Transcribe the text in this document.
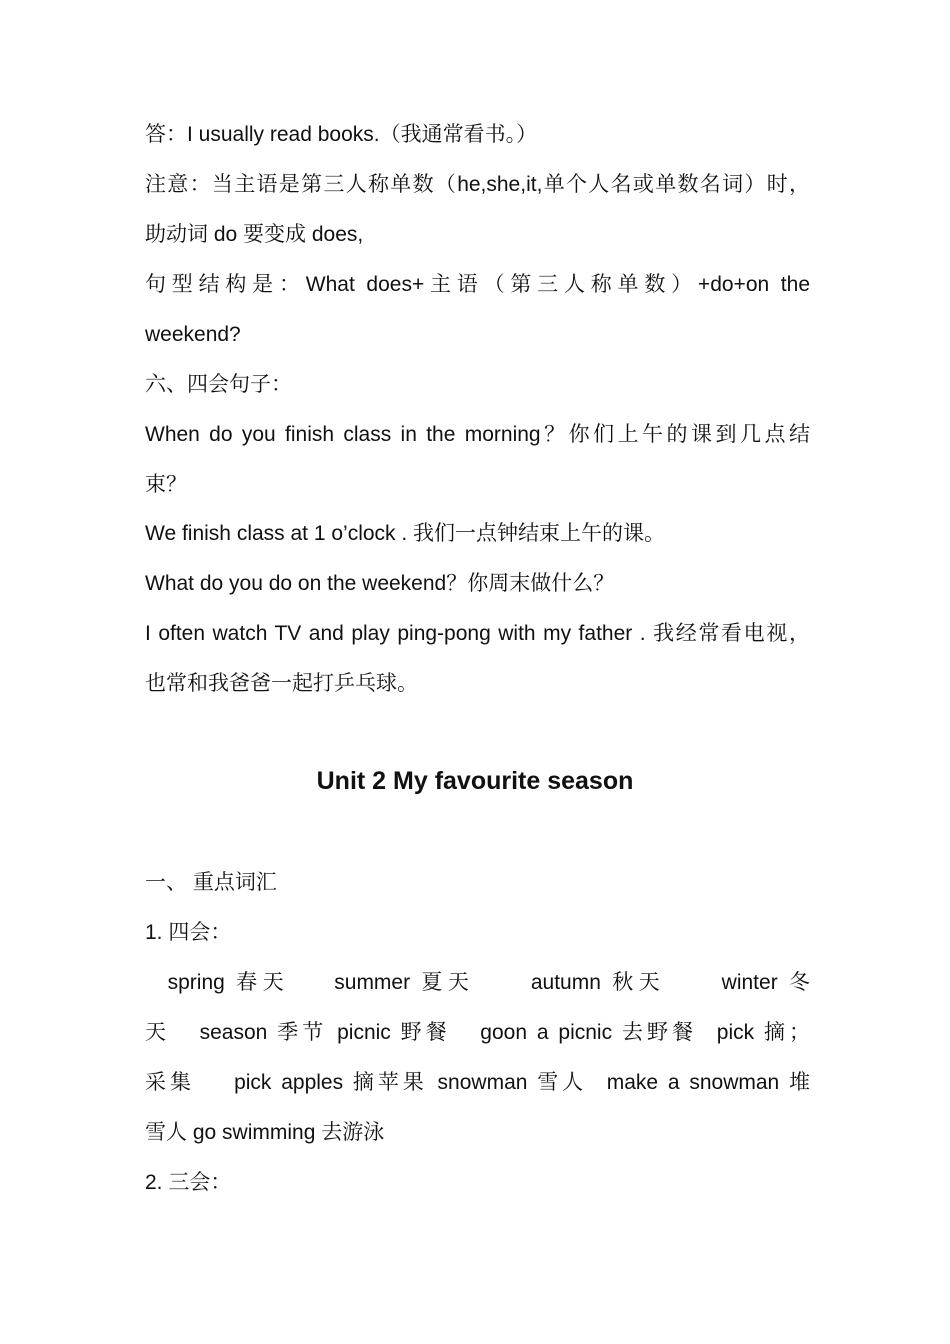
答：I usually read books.（我通常看书。）
注意：当主语是第三人称单数（he,she,it,单个人名或单数名词）时，
助动词 do 要变成 does,
句型结构是：What does+主语（第三人称单数）+do+on the
weekend?
六、四会句子：
When do you finish class in the morning？你们上午的课到几点结
束？
We finish class at 1 o’clock . 我们一点钟结束上午的课。
What do you do on the weekend？你周末做什么？
I often watch TV and play ping-pong with my father . 我经常看电视，
也常和我爸爸一起打乒乓球。
Unit 2 My favourite season
一、 重点词汇
1. 四会：
spring 春天    summer 夏天     autumn 秋天     winter 冬
天   season 季节 picnic 野餐   goon a picnic 去野餐  pick 摘；
采集    pick apples 摘苹果 snowman 雪人  make a snowman 堆
雪人 go swimming 去游泳
2. 三会：
